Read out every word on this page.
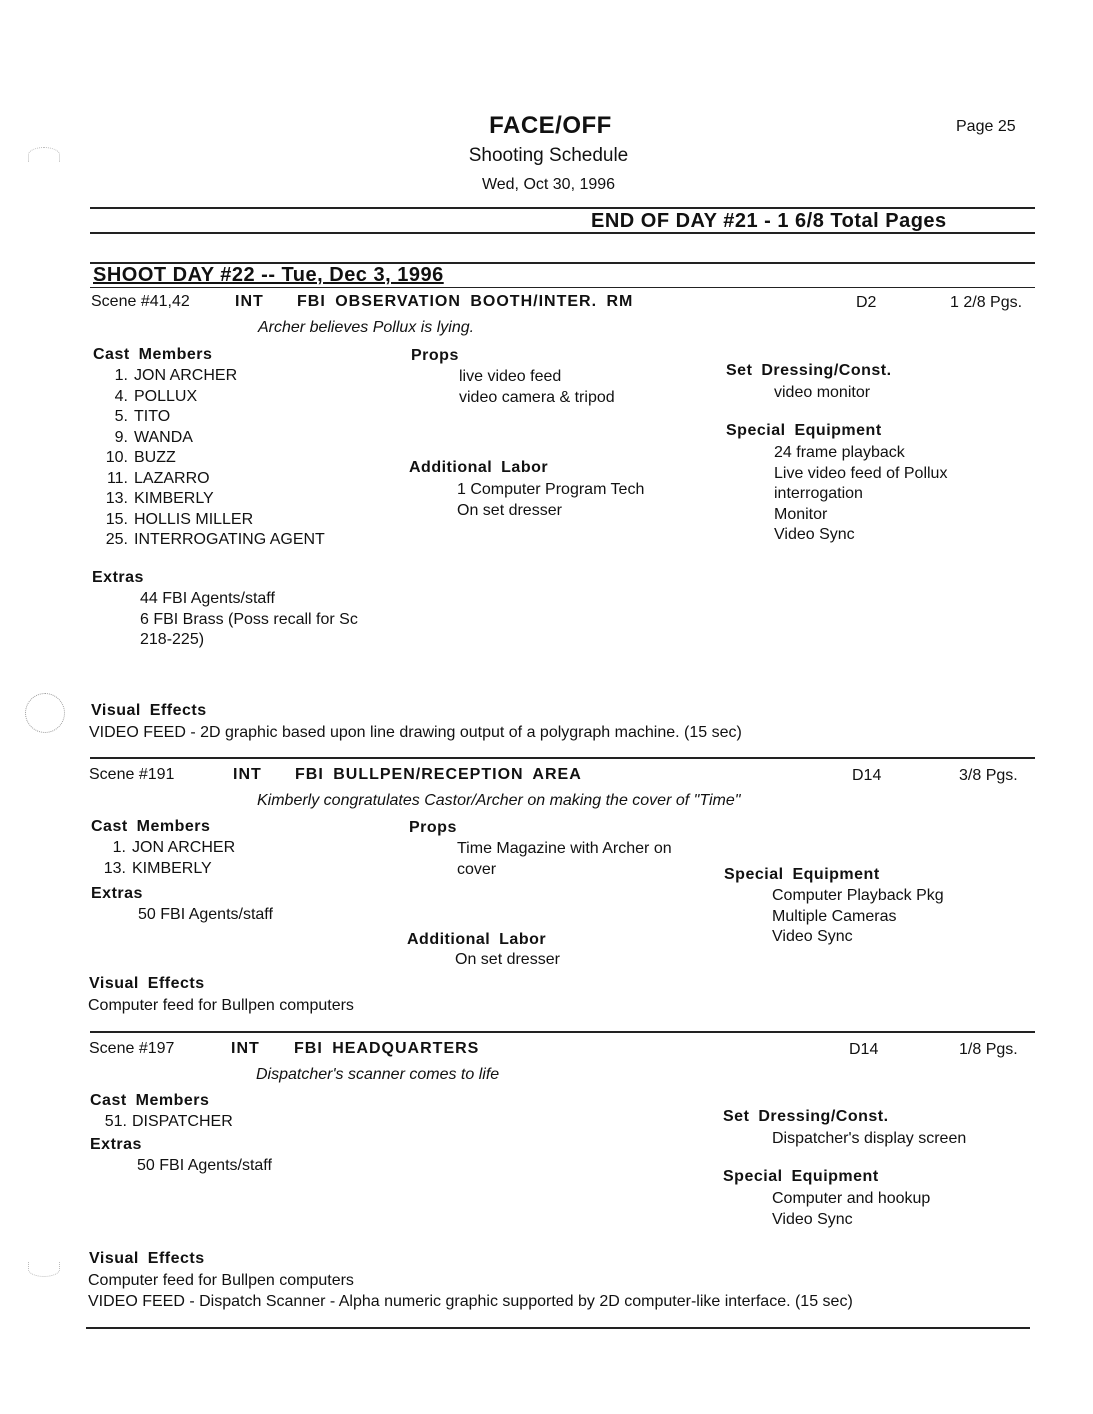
FACE/OFF
Shooting Schedule
Wed, Oct 30, 1996
Page 25
END OF DAY #21 - 1 6/8 Total Pages
SHOOT DAY #22 -- Tue, Dec 3, 1996
Scene #41,42	INT FBI OBSERVATION BOOTH/INTER. RM	D2	1 2/8 Pgs.
Archer believes Pollux is lying.
Cast Members
1. JON ARCHER
4. POLLUX
5. TITO
9. WANDA
10. BUZZ
11. LAZARRO
13. KIMBERLY
15. HOLLIS MILLER
25. INTERROGATING AGENT
Props
live video feed
video camera & tripod
Additional Labor
1 Computer Program Tech
On set dresser
Set Dressing/Const.
video monitor
Special Equipment
24 frame playback
Live video feed of Pollux
interrogation
Monitor
Video Sync
Extras
44 FBI Agents/staff
6 FBI Brass (Poss recall for Sc
218-225)
Visual Effects
VIDEO FEED - 2D graphic based upon line drawing output of a polygraph machine. (15 sec)
Scene #191	INT FBI BULLPEN/RECEPTION AREA	D14	3/8 Pgs.
Kimberly congratulates Castor/Archer on making the cover of "Time"
Cast Members
1. JON ARCHER
13. KIMBERLY
Extras
50 FBI Agents/staff
Props
Time Magazine with Archer on
cover
Additional Labor
On set dresser
Special Equipment
Computer Playback Pkg
Multiple Cameras
Video Sync
Visual Effects
Computer feed for Bullpen computers
Scene #197	INT FBI HEADQUARTERS	D14	1/8 Pgs.
Dispatcher's scanner comes to life
Cast Members
51. DISPATCHER
Extras
50 FBI Agents/staff
Set Dressing/Const.
Dispatcher's display screen
Special Equipment
Computer and hookup
Video Sync
Visual Effects
Computer feed for Bullpen computers
VIDEO FEED - Dispatch Scanner - Alpha numeric graphic supported by 2D computer-like interface. (15 sec)
